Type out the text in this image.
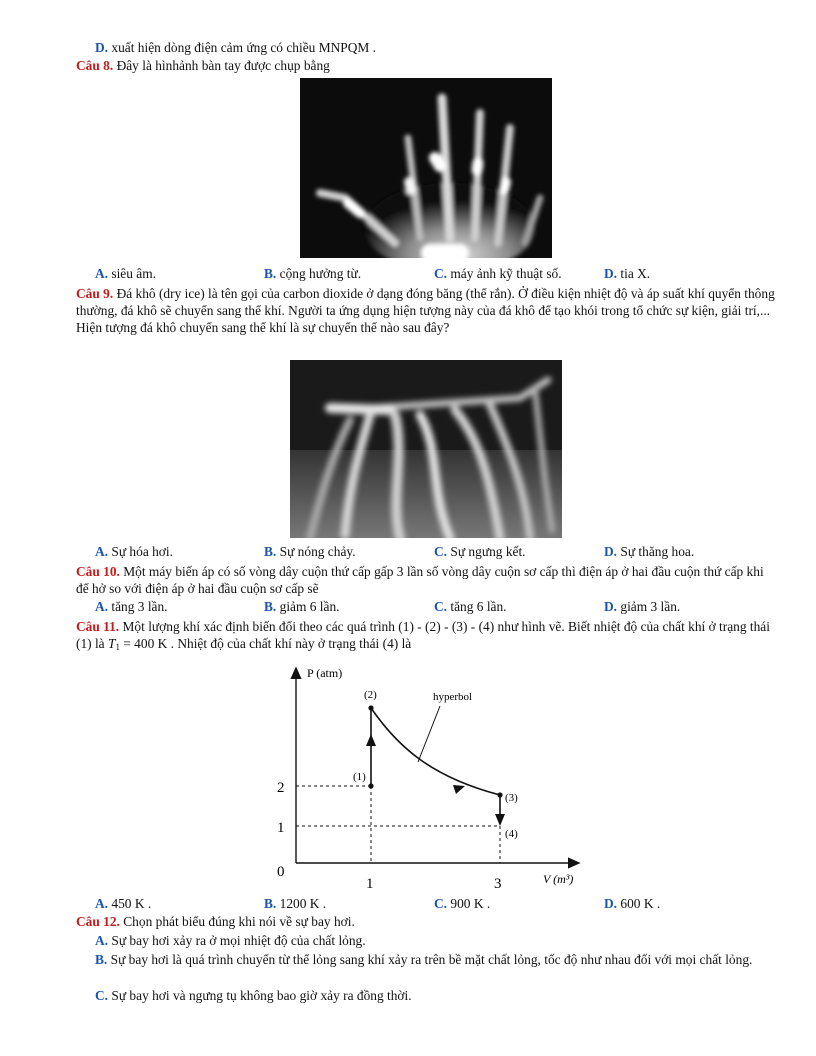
D. xuất hiện dòng điện cảm ứng có chiều MNPQM .
Câu 8. Đây là hìnhảnh bàn tay được chụp bằng
A. siêu âm.	B. cộng hưởng từ.	C. máy ảnh kỹ thuật số.	D. tia X.
Câu 9. Đá khô (dry ice) là tên gọi của carbon dioxide ở dạng đóng băng (thể rắn). Ở điều kiện nhiệt độ và áp suất khí quyển thông thường, đá khô sẽ chuyển sang thể khí. Người ta ứng dụng hiện tượng này của đá khô để tạo khói trong tổ chức sự kiện, giải trí,... Hiện tượng đá khô chuyển sang thể khí là sự chuyển thể nào sau đây?
A. Sự hóa hơi.	B. Sự nóng chảy.	C. Sự ngưng kết.	D. Sự thăng hoa.
Câu 10. Một máy biến áp có số vòng dây cuộn thứ cấp gấp 3 lần số vòng dây cuộn sơ cấp thì điện áp ở hai đầu cuộn thứ cấp khi để hở so với điện áp ở hai đầu cuộn sơ cấp sẽ
A. tăng 3 lần.	B. giảm 6 lần.	C. tăng 6 lần.	D. giảm 3 lần.
Câu 11. Một lượng khí xác định biến đổi theo các quá trình (1) - (2) - (3) - (4) như hình vẽ. Biết nhiệt độ của chất khí ở trạng thái (1) là $T_1 = 400$ K . Nhiệt độ của chất khí này ở trạng thái (4) là
P (atm)
V (m³)
0
2
1
1	3
(1)
(2)
(3)
(4)
hyperbol
A. 450 K .	B. 1200 K .	C. 900 K .	D. 600 K .
Câu 12. Chọn phát biểu đúng khi nói về sự bay hơi.
A. Sự bay hơi xảy ra ở mọi nhiệt độ của chất lỏng.
B. Sự bay hơi là quá trình chuyển từ thể lỏng sang khí xảy ra trên bề mặt chất lỏng, tốc độ như nhau đối với mọi chất lỏng.
C. Sự bay hơi và ngưng tụ không bao giờ xảy ra đồng thời.
